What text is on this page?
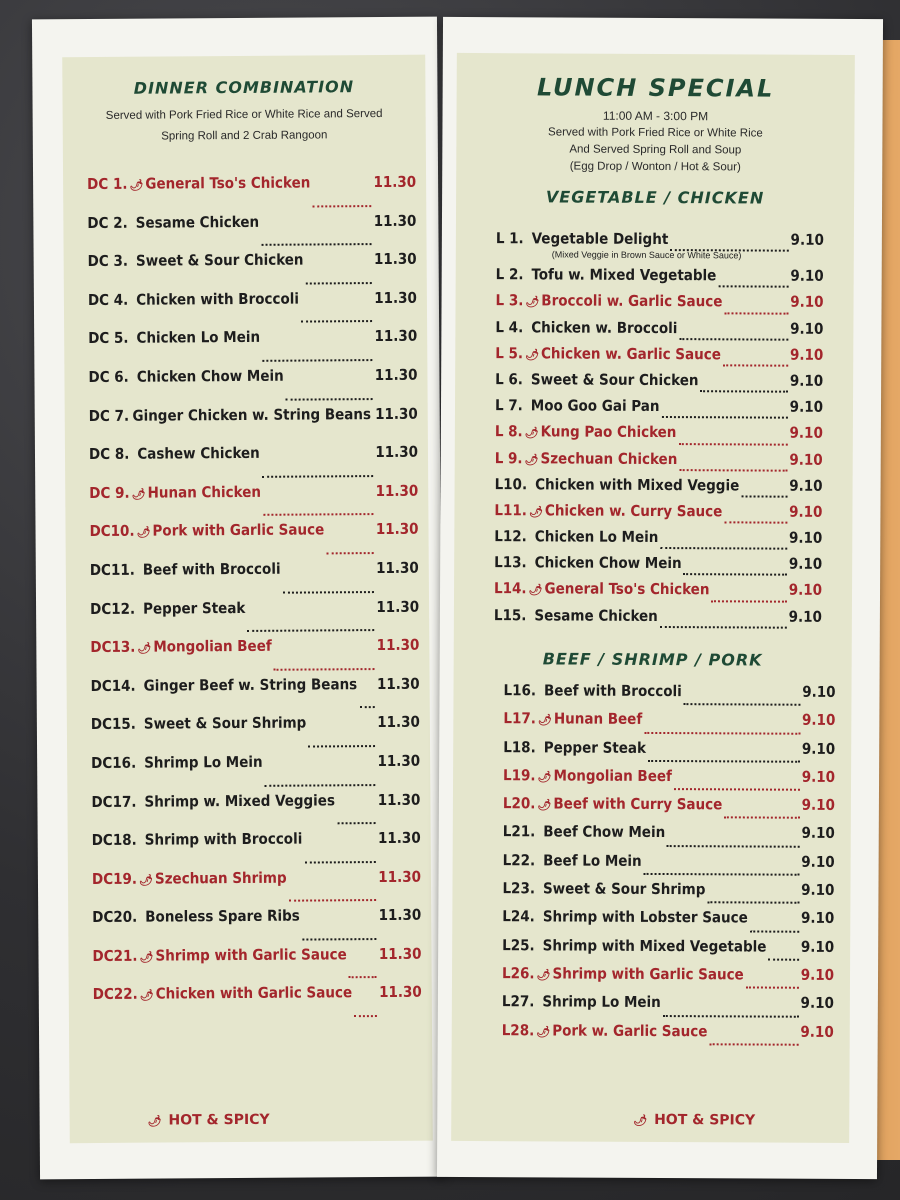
DINNER COMBINATION
Served with Pork Fried Rice or White Rice and Served
Spring Roll and 2 Crab Rangoon
DC 1. 🌶︎ General Tso's Chicken	11.30
DC 2. Sesame Chicken	11.30
DC 3. Sweet & Sour Chicken	11.30
DC 4. Chicken with Broccoli	11.30
DC 5. Chicken Lo Mein	11.30
DC 6. Chicken Chow Mein	11.30
DC 7. Ginger Chicken w. String Beans 11.30
DC 8. Cashew Chicken	11.30
DC 9. 🌶︎ Hunan Chicken	11.30
DC10. 🌶︎ Pork with Garlic Sauce	11.30
DC11. Beef with Broccoli	11.30
DC12. Pepper Steak	11.30
DC13. 🌶︎ Mongolian Beef	11.30
DC14. Ginger Beef w. String Beans 11.30
DC15. Sweet & Sour Shrimp	11.30
DC16. Shrimp Lo Mein	11.30
DC17. Shrimp w. Mixed Veggies	11.30
DC18. Shrimp with Broccoli	11.30
DC19. 🌶︎ Szechuan Shrimp	11.30
DC20. Boneless Spare Ribs	11.30
DC21. 🌶︎ Shrimp with Garlic Sauce 11.30
DC22. 🌶︎ Chicken with Garlic Sauce 11.30
🌶︎ HOT & SPICY
LUNCH SPECIAL
11:00 AM - 3:00 PM
Served with Pork Fried Rice or White Rice
And Served Spring Roll and Soup
(Egg Drop / Wonton / Hot & Sour)
VEGETABLE / CHICKEN
L 1. Vegetable Delight	9.10
(Mixed Veggie in Brown Sauce or White Sauce)
L 2. Tofu w. Mixed Vegetable	9.10
L 3. 🌶︎ Broccoli w. Garlic Sauce	9.10
L 4. Chicken w. Broccoli	9.10
L 5. 🌶︎ Chicken w. Garlic Sauce	9.10
L 6. Sweet & Sour Chicken	9.10
L 7. Moo Goo Gai Pan	9.10
L 8. 🌶︎ Kung Pao Chicken	9.10
L 9. 🌶︎ Szechuan Chicken	9.10
L10. Chicken with Mixed Veggie	9.10
L11. 🌶︎ Chicken w. Curry Sauce	9.10
L12. Chicken Lo Mein	9.10
L13. Chicken Chow Mein	9.10
L14. 🌶︎ General Tso's Chicken	9.10
L15. Sesame Chicken	9.10
BEEF / SHRIMP / PORK
L16. Beef with Broccoli	9.10
L17. 🌶︎ Hunan Beef	9.10
L18. Pepper Steak	9.10
L19. 🌶︎ Mongolian Beef	9.10
L20. 🌶︎ Beef with Curry Sauce	9.10
L21. Beef Chow Mein	9.10
L22. Beef Lo Mein	9.10
L23. Sweet & Sour Shrimp	9.10
L24. Shrimp with Lobster Sauce	9.10
L25. Shrimp with Mixed Vegetable 9.10
L26. 🌶︎ Shrimp with Garlic Sauce	9.10
L27. Shrimp Lo Mein	9.10
L28. 🌶︎ Pork w. Garlic Sauce	9.10
🌶︎ HOT & SPICY
